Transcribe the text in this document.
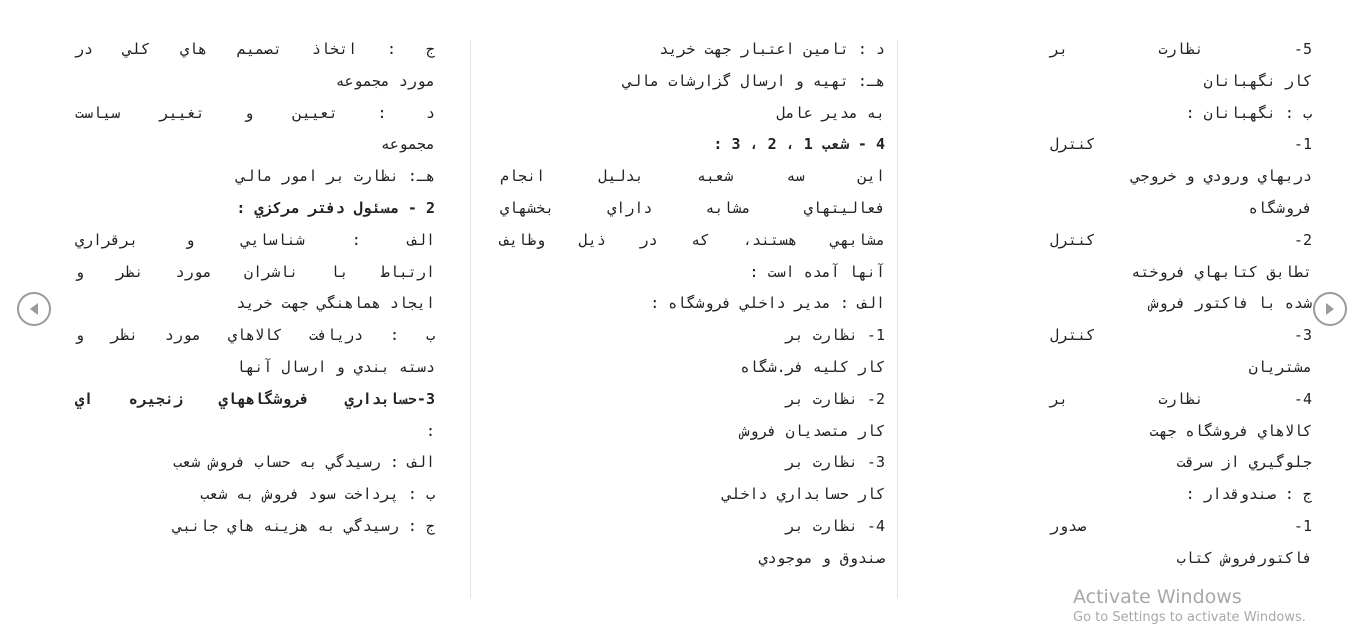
5- نظارت بر
كار نگهبانان
ب : نگهبانان :
1- كنترل
دربهاي ورودي و خروجي
فروشگاه
2- كنترل
تطابق كتابهاي فروخته
شده با فاكتور فروش
3- كنترل
مشتريان
4- نظارت بر
كالاهاي فروشگاه جهت
جلوگيري از سرقت
ج : صندوقدار :
1- صدور
فاكتورفروش كتاب
د : تامين اعتبار جهت خريد
هـ: تهيه و ارسال گزارشات مالي
به مدير عامل
4 - شعب 1 ، 2 ، 3 :
اين سه شعبه بدليل انجام
فعاليتهاي مشابه داراي بخشهاي
مشابهي هستند، كه در ذيل وظايف
آنها آمده است :
الف : مدير داخلي فروشگاه :
1- نظارت بر
كار كليه فر.شگاه
2- نظارت بر
كار متصديان فروش
3- نظارت بر
كار حسابداري داخلي
4- نظارت بر
صندوق و موجودي
ج : اتخاذ تصميم هاي كلي در
مورد مجموعه
د : تعيين و تغيير سياست
مجموعه
هـ: نظارت بر امور مالي
2 - مسئول دفتر مركزي :
الف : شناسايي و برقراري
ارتباط با ناشران مورد نظر و
ايجاد هماهنگي جهت خريد
ب : دريافت كالاهاي مورد نظر و
دسته بندي و ارسال آنها
3-حسابداري فروشگاههاي زنجيره اي
:
الف : رسيدگي به حساب فروش شعب
ب : پرداخت سود فروش به شعب
ج : رسيدگي به هزينه هاي جانبي
Activate Windows
Go to Settings to activate Windows.
